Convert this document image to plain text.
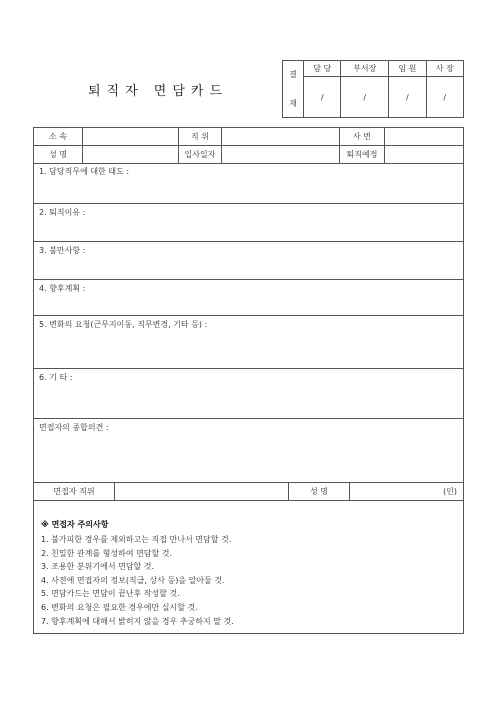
퇴직자 면담카드
결
재	담 당	부서장	임 원	사 장
	/	/	/	/
소 속		직 위		사 번	
성 명		입사일자		퇴직예정	
1. 담당직무에 대한 태도 :
2. 퇴직이유 :
3. 불만사항 :
4. 향후계획 :
5. 변화의 요청(근무지이동, 직무변경, 기타 등) :
6. 기 타 :
면접자의 종합의견 :
면접자 직위		성 명	(인)
※ 면접자 주의사항
1. 불가피한 경우를 제외하고는 직접 만나서 면담할 것.
2. 친밀한 관계를 형성하여 면담할 것.
3. 조용한 분위기에서 면담할 것.
4. 사전에 면접자의 정보(직급, 상사 등)을 알아둘 것.
5. 면담카드는 면담이 끝난후 작성할 것.
6. 변화의 요청은 필요한 경우에만 실시할 것.
7. 향후계획에 대해서 밝히지 않을 경우 추궁하지 말 것.
